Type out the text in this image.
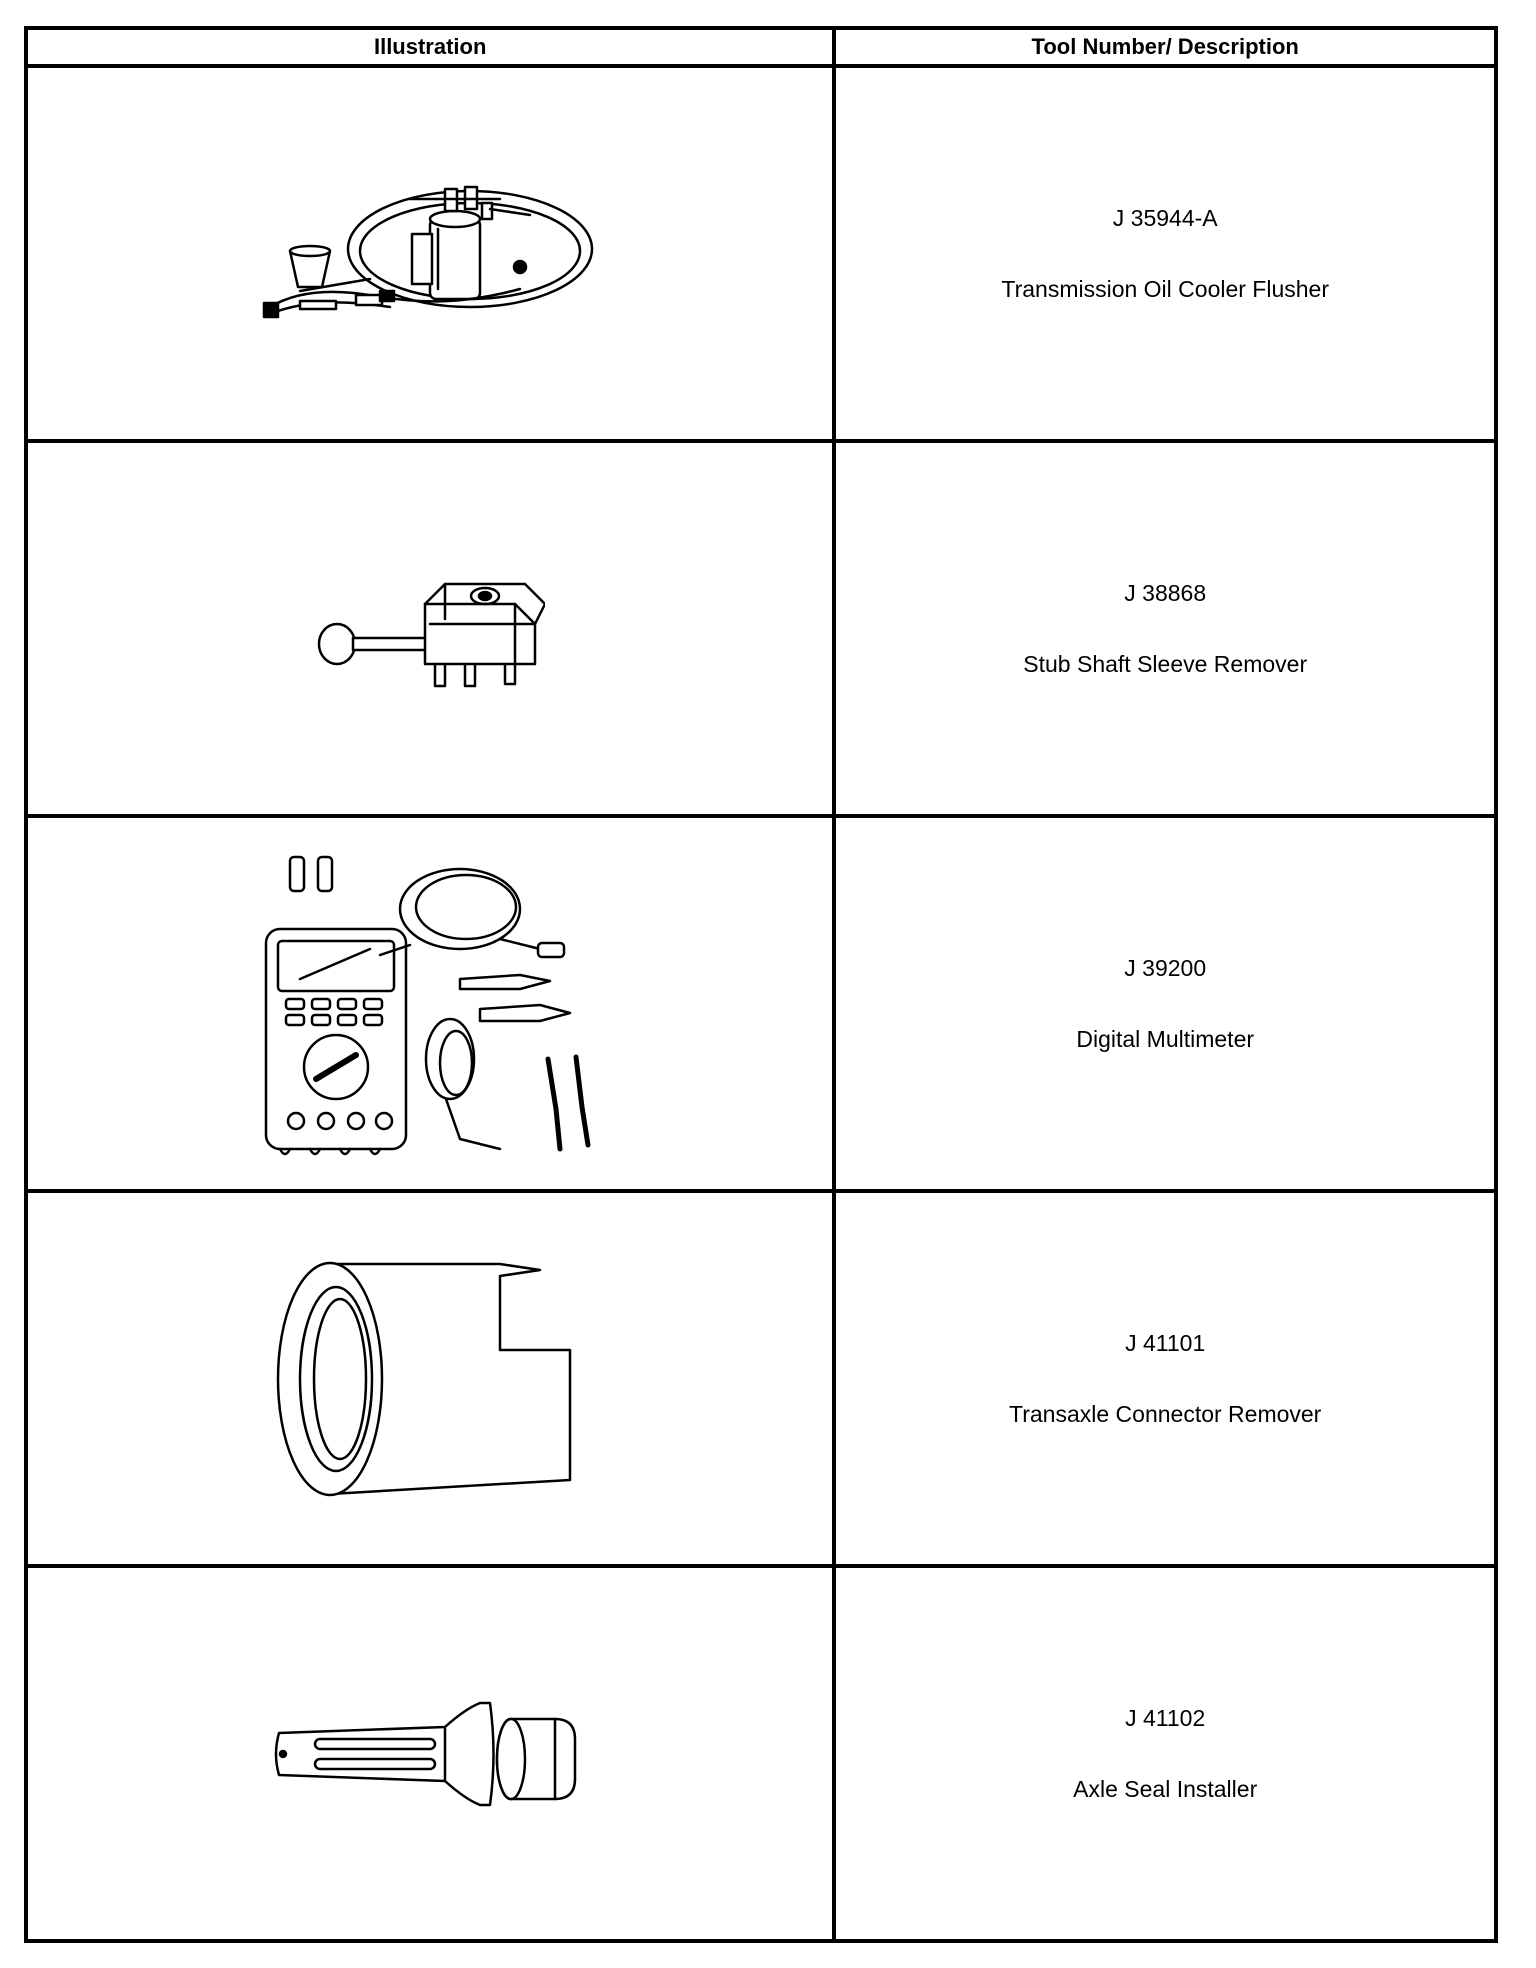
Illustration	Tool Number/ Description

J 35944-A
Transmission Oil Cooler Flusher

J 38868
Stub Shaft Sleeve Remover

J 39200
Digital Multimeter

J 41101
Transaxle Connector Remover

J 41102
Axle Seal Installer
